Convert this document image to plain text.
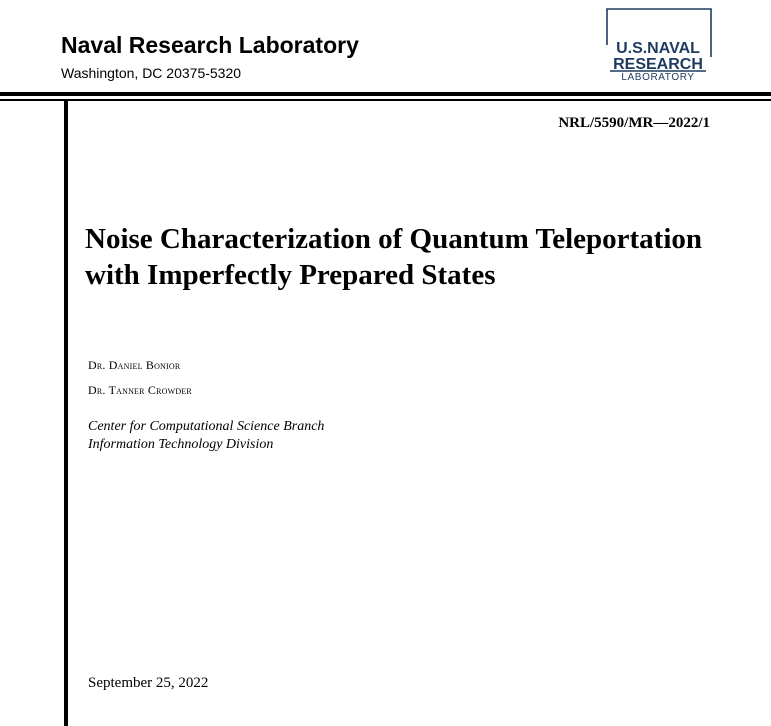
Naval Research Laboratory
Washington, DC 20375-5320
U.S.NAVAL
RESEARCH
LABORATORY
NRL/5590/MR—2022/1
Noise Characterization of Quantum Teleportation with Imperfectly Prepared States
Dr. Daniel Bonior
Dr. Tanner Crowder
Center for Computational Science Branch
Information Technology Division
September 25, 2022
